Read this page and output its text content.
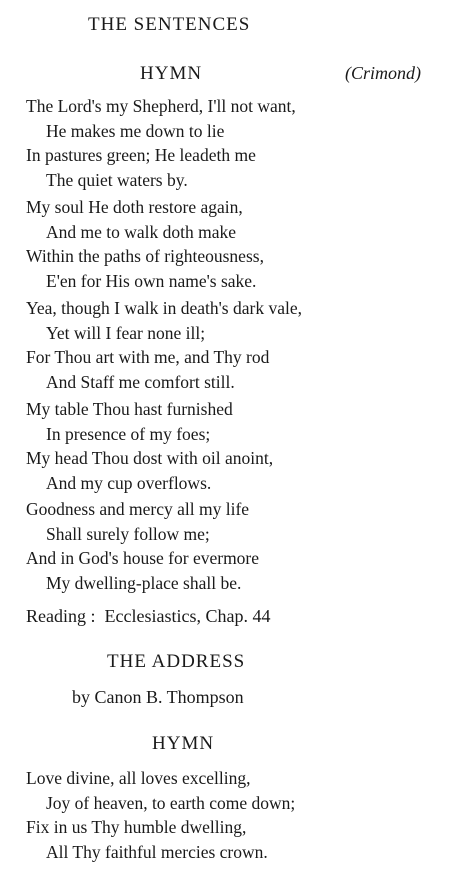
THE SENTENCES
HYMN	(Crimond)
The Lord's my Shepherd, I'll not want,
He makes me down to lie
In pastures green; He leadeth me
The quiet waters by.
My soul He doth restore again,
And me to walk doth make
Within the paths of righteousness,
E'en for His own name's sake.
Yea, though I walk in death's dark vale,
Yet will I fear none ill;
For Thou art with me, and Thy rod
And Staff me comfort still.
My table Thou hast furnished
In presence of my foes;
My head Thou dost with oil anoint,
And my cup overflows.
Goodness and mercy all my life
Shall surely follow me;
And in God's house for evermore
My dwelling-place shall be.
Reading :  Ecclesiastics, Chap. 44
THE ADDRESS
by Canon B. Thompson
HYMN
Love divine, all loves excelling,
Joy of heaven, to earth come down;
Fix in us Thy humble dwelling,
All Thy faithful mercies crown.
